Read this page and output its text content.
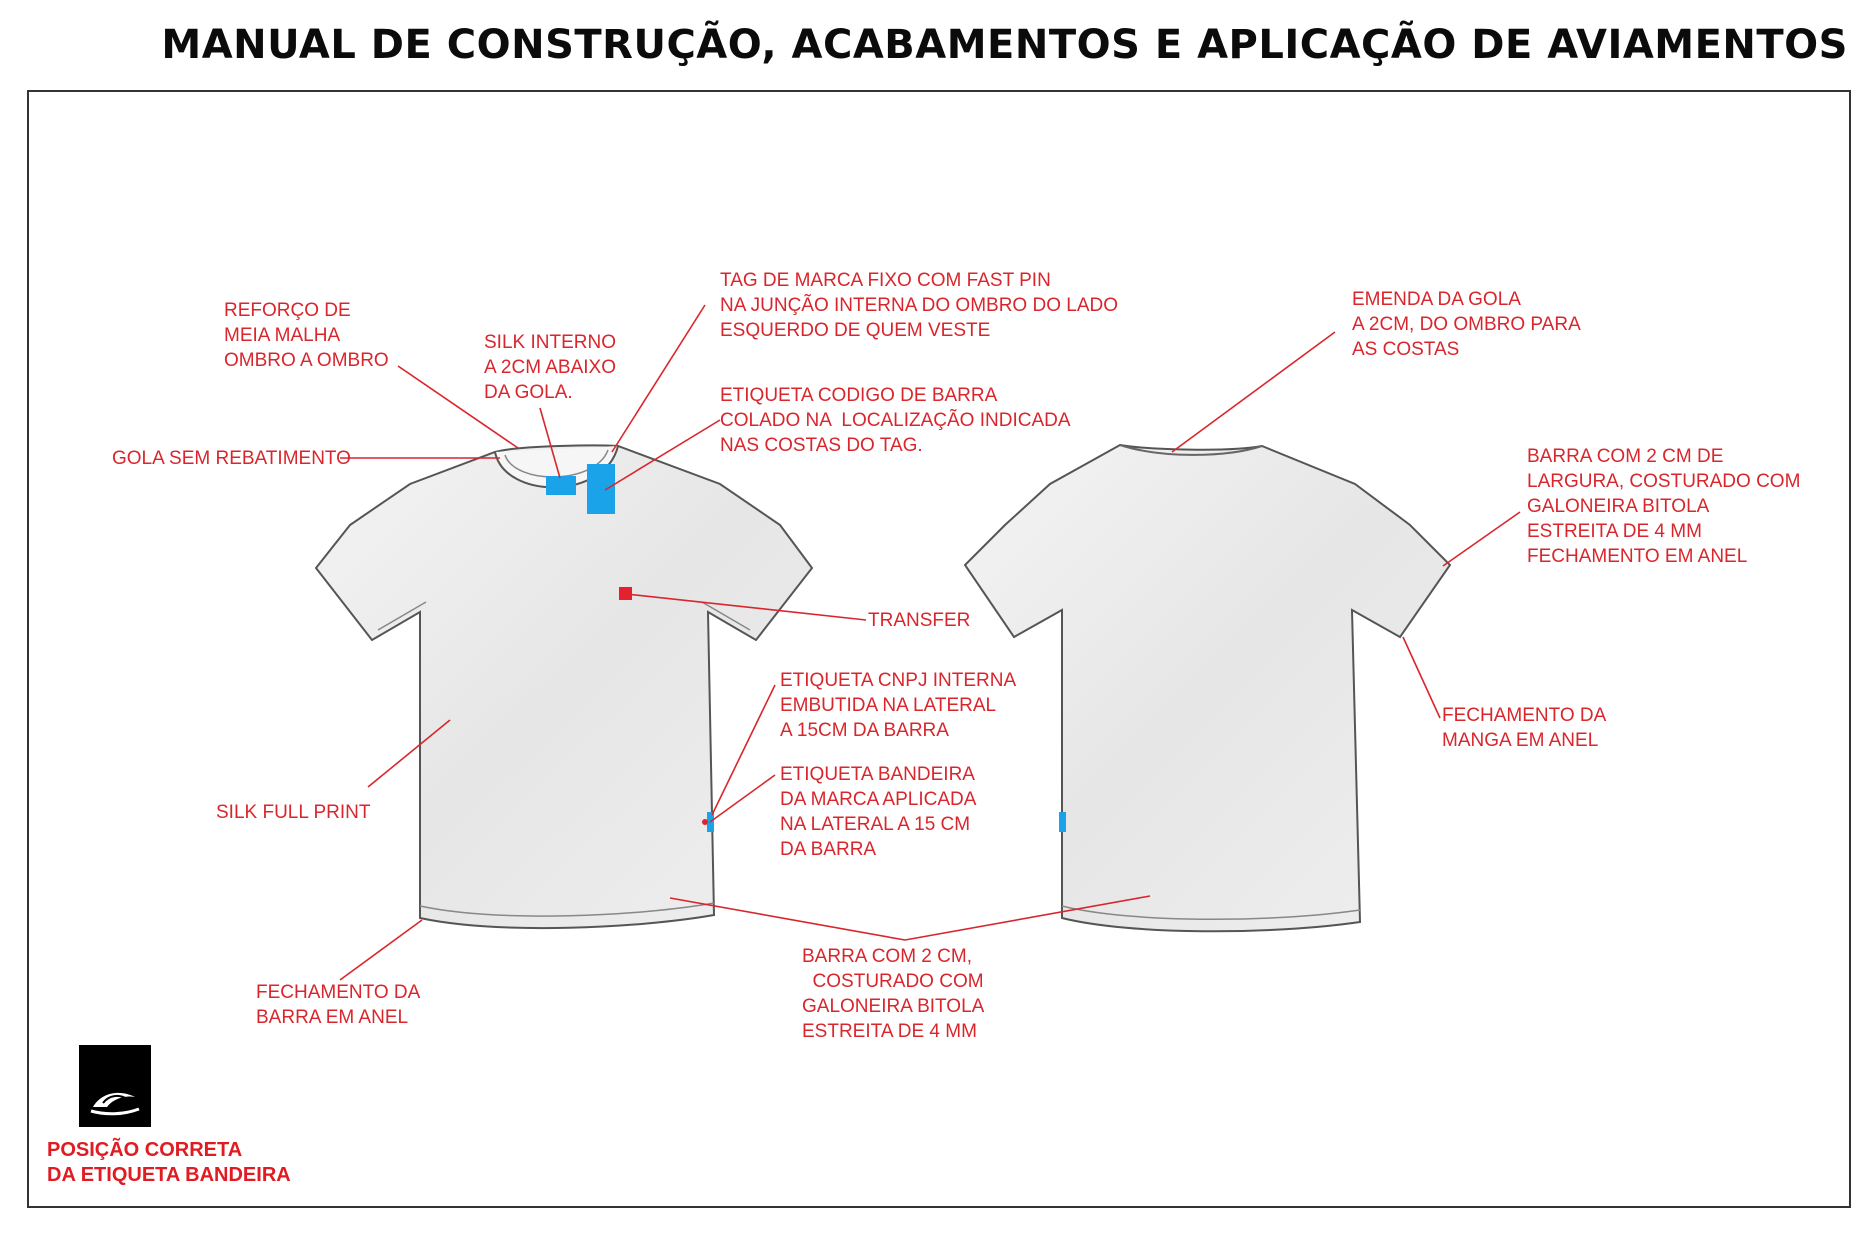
MANUAL DE CONSTRUÇÃO, ACABAMENTOS E APLICAÇÃO DE AVIAMENTOS
REFORÇO DE
MEIA MALHA
OMBRO A OMBRO
SILK INTERNO
A 2CM ABAIXO
DA GOLA.
TAG DE MARCA FIXO COM FAST PIN
NA JUNÇÃO INTERNA DO OMBRO DO LADO
ESQUERDO DE QUEM VESTE
ETIQUETA CODIGO DE BARRA
COLADO NA  LOCALIZAÇÃO INDICADA
NAS COSTAS DO TAG.
GOLA SEM REBATIMENTO
TRANSFER
ETIQUETA CNPJ INTERNA
EMBUTIDA NA LATERAL
A 15CM DA BARRA
ETIQUETA BANDEIRA
DA MARCA APLICADA
NA LATERAL A 15 CM
DA BARRA
SILK FULL PRINT
FECHAMENTO DA
BARRA EM ANEL
BARRA COM 2 CM,
COSTURADO COM
GALONEIRA BITOLA
ESTREITA DE 4 MM
EMENDA DA GOLA
A 2CM, DO OMBRO PARA
AS COSTAS
BARRA COM 2 CM DE
LARGURA, COSTURADO COM
GALONEIRA BITOLA
ESTREITA DE 4 MM
FECHAMENTO EM ANEL
FECHAMENTO DA
MANGA EM ANEL
POSIÇÃO CORRETA
DA ETIQUETA BANDEIRA
